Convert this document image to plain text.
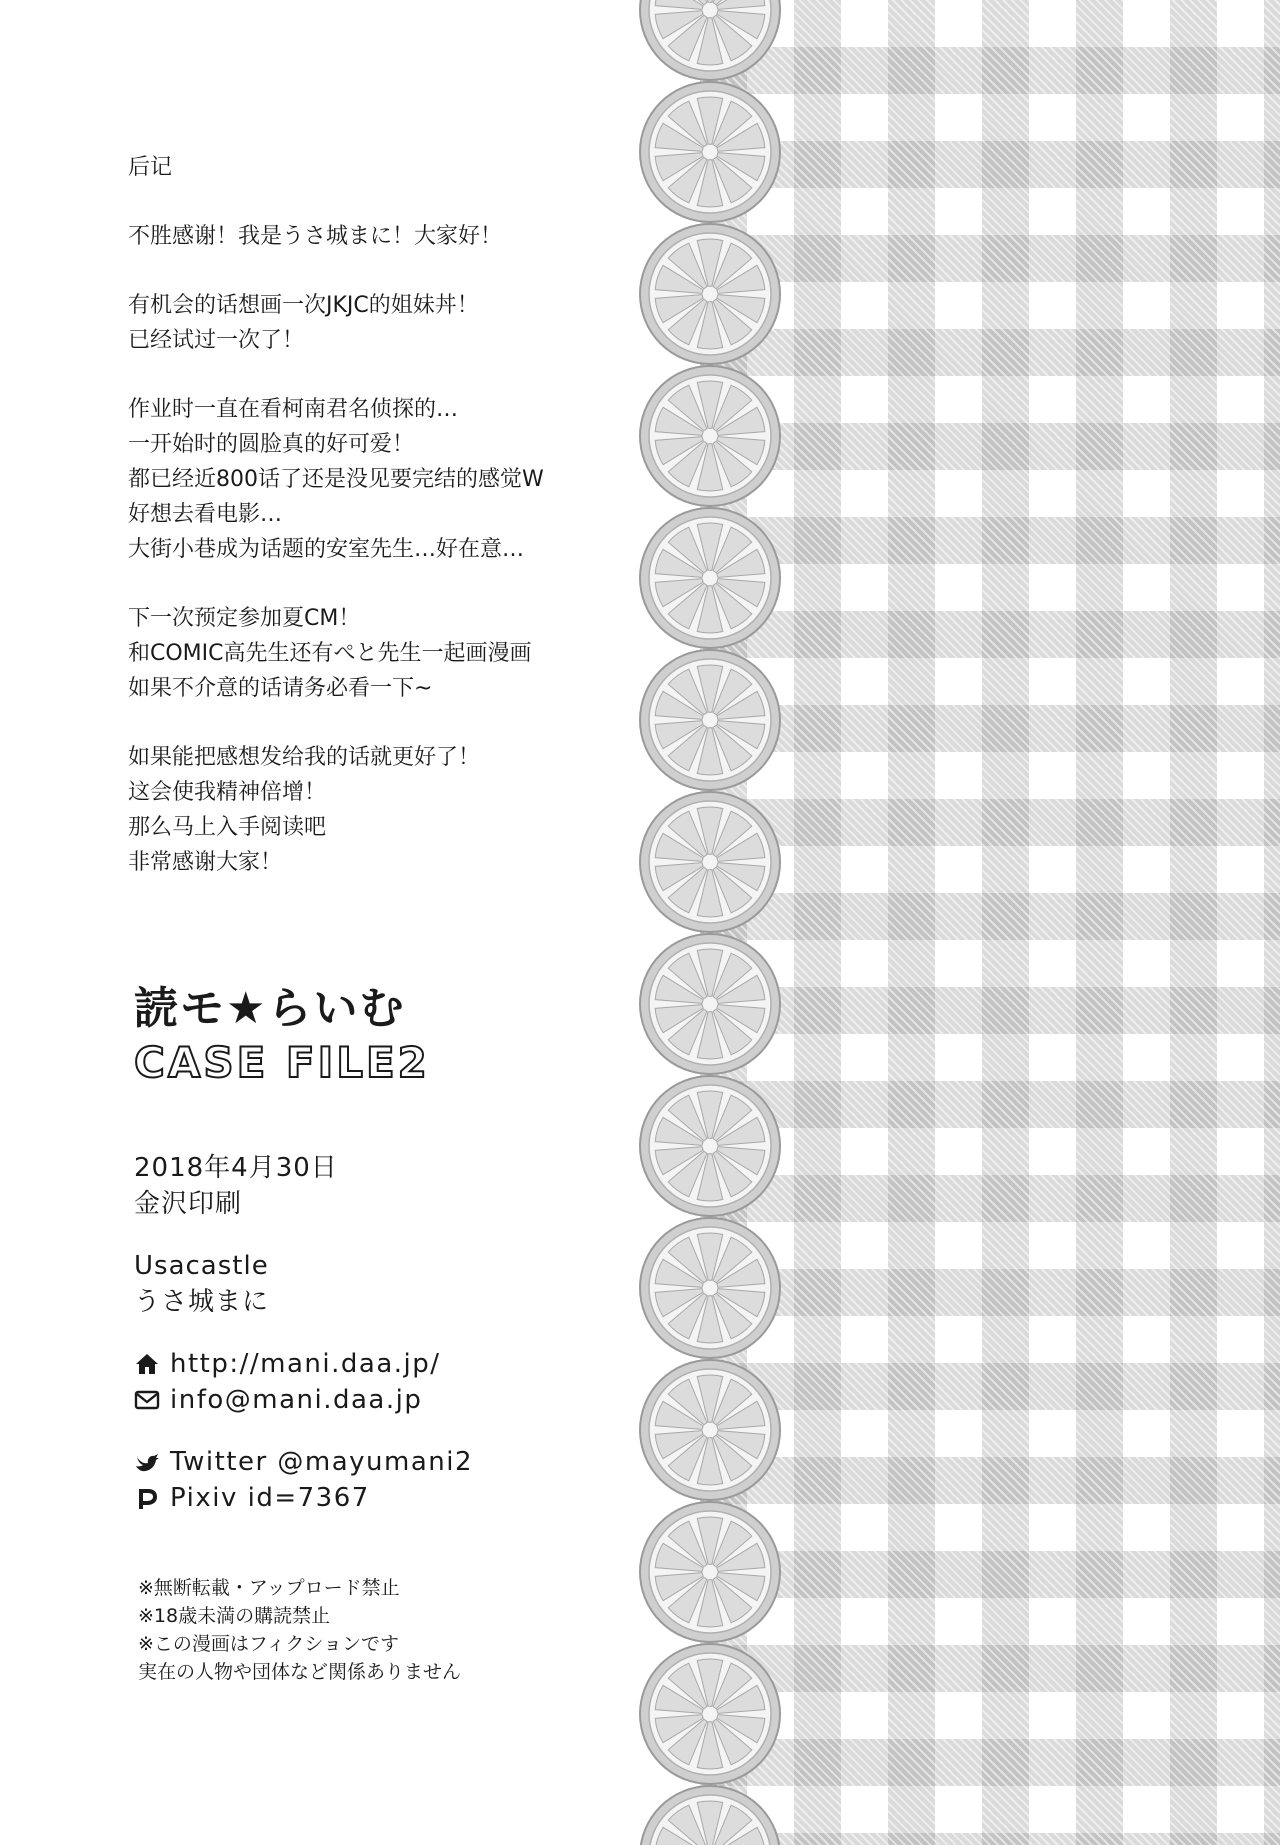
后记
不胜感谢！我是うさ城まに！大家好！
有机会的话想画一次JKJC的姐妹丼！
已经试过一次了！
作业时一直在看柯南君名侦探的…
一开始时的圆脸真的好可爱！
都已经近800话了还是没见要完结的感觉W
好想去看电影…
大街小巷成为话题的安室先生…好在意…
下一次预定参加夏CM！
和COMIC高先生还有ぺと先生一起画漫画
如果不介意的话请务必看一下~
如果能把感想发给我的话就更好了！
这会使我精神倍增！
那么马上入手阅读吧
非常感谢大家！
読モ★らいむ
CASE FILE2
2018年4月30日
金沢印刷
Usacastle
うさ城まに
http://mani.daa.jp/
info@mani.daa.jp
Twitter @mayumani2
Pixiv id=7367
※無断転載・アップロード禁止
※18歳未満の購読禁止
※この漫画はフィクションです
実在の人物や団体など関係ありません
